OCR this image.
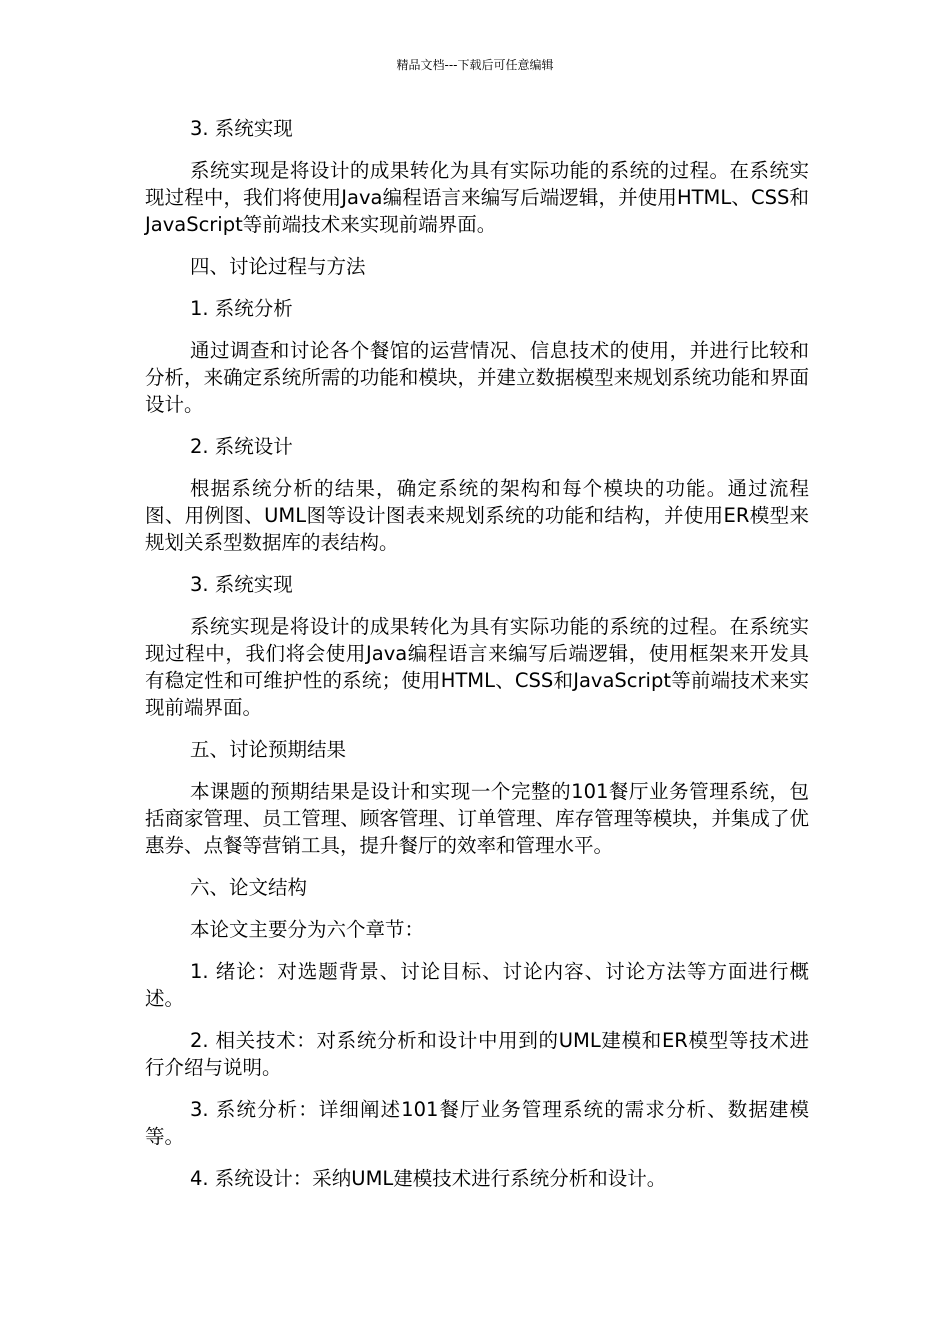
精品文档---下载后可任意编辑

3. 系统实现

系统实现是将设计的成果转化为具有实际功能的系统的过程。在系统实现过程中，我们将使用Java编程语言来编写后端逻辑，并使用HTML、CSS和JavaScript等前端技术来实现前端界面。

四、讨论过程与方法

1. 系统分析

通过调查和讨论各个餐馆的运营情况、信息技术的使用，并进行比较和分析，来确定系统所需的功能和模块，并建立数据模型来规划系统功能和界面设计。

2. 系统设计

根据系统分析的结果，确定系统的架构和每个模块的功能。通过流程图、用例图、UML图等设计图表来规划系统的功能和结构，并使用ER模型来规划关系型数据库的表结构。

3. 系统实现

系统实现是将设计的成果转化为具有实际功能的系统的过程。在系统实现过程中，我们将会使用Java编程语言来编写后端逻辑，使用框架来开发具有稳定性和可维护性的系统；使用HTML、CSS和JavaScript等前端技术来实现前端界面。

五、讨论预期结果

本课题的预期结果是设计和实现一个完整的101餐厅业务管理系统，包括商家管理、员工管理、顾客管理、订单管理、库存管理等模块，并集成了优惠券、点餐等营销工具，提升餐厅的效率和管理水平。

六、论文结构

本论文主要分为六个章节：

1. 绪论：对选题背景、讨论目标、讨论内容、讨论方法等方面进行概述。

2. 相关技术：对系统分析和设计中用到的UML建模和ER模型等技术进行介绍与说明。

3. 系统分析：详细阐述101餐厅业务管理系统的需求分析、数据建模等。

4. 系统设计：采纳UML建模技术进行系统分析和设计。
